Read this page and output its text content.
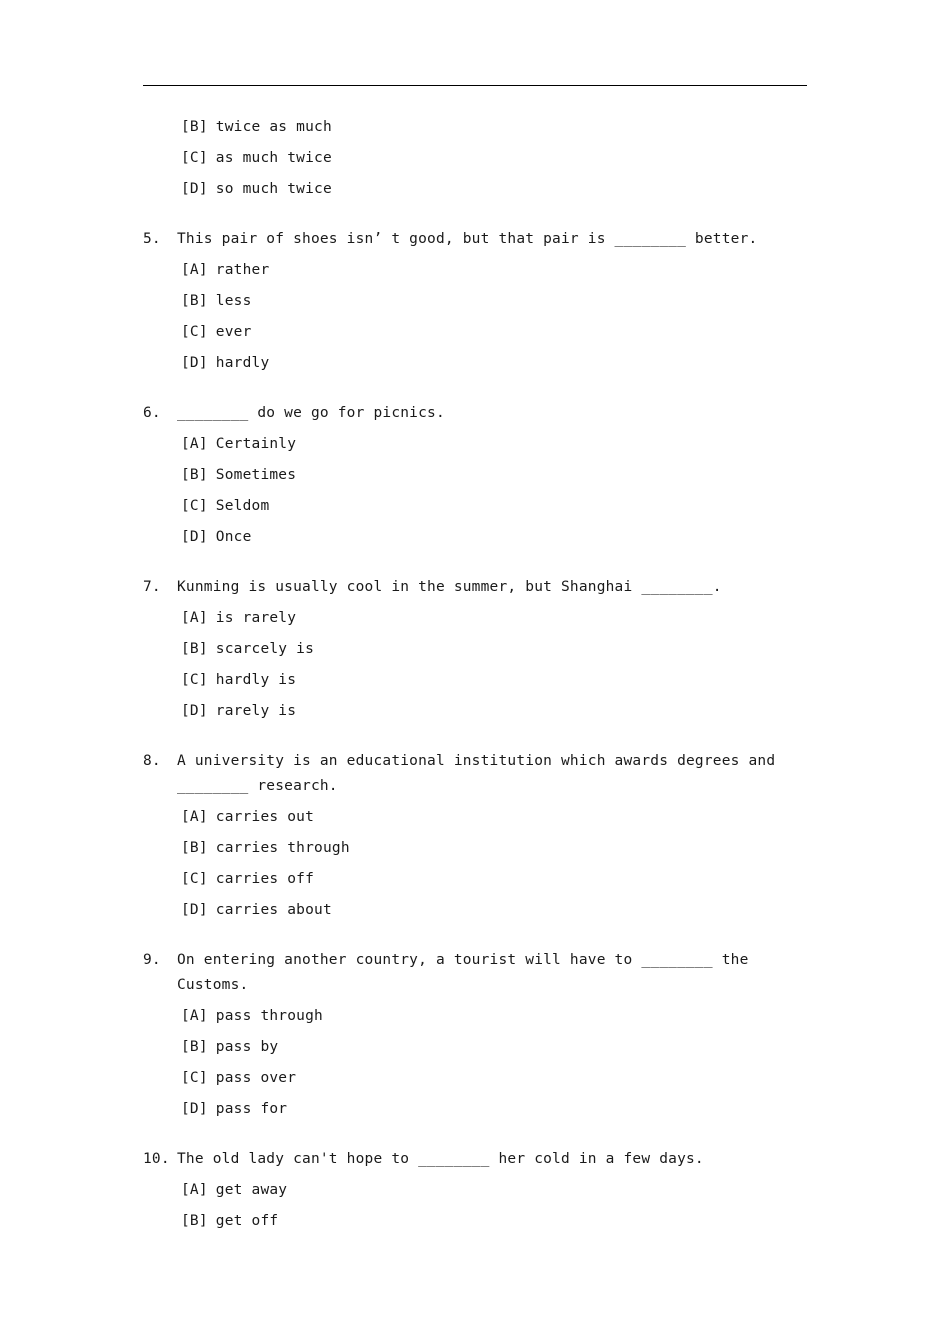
[B] twice as much
[C] as much twice
[D] so much twice
5.	This pair of shoes isn’ t good, but that pair is ________ better.
[A] rather
[B] less
[C] ever
[D] hardly
6.	________ do we go for picnics.
[A] Certainly
[B] Sometimes
[C] Seldom
[D] Once
7.	Kunming is usually cool in the summer, but Shanghai ________.
[A] is rarely
[B] scarcely is
[C] hardly is
[D] rarely is
8.	A university is an educational institution which awards degrees and ________ research.
[A] carries out
[B] carries through
[C] carries off
[D] carries about
9.	On entering another country, a tourist will have to ________ the Customs.
[A] pass through
[B] pass by
[C] pass over
[D] pass for
10. The old lady can't hope to ________ her cold in a few days.
[A] get away
[B] get off
